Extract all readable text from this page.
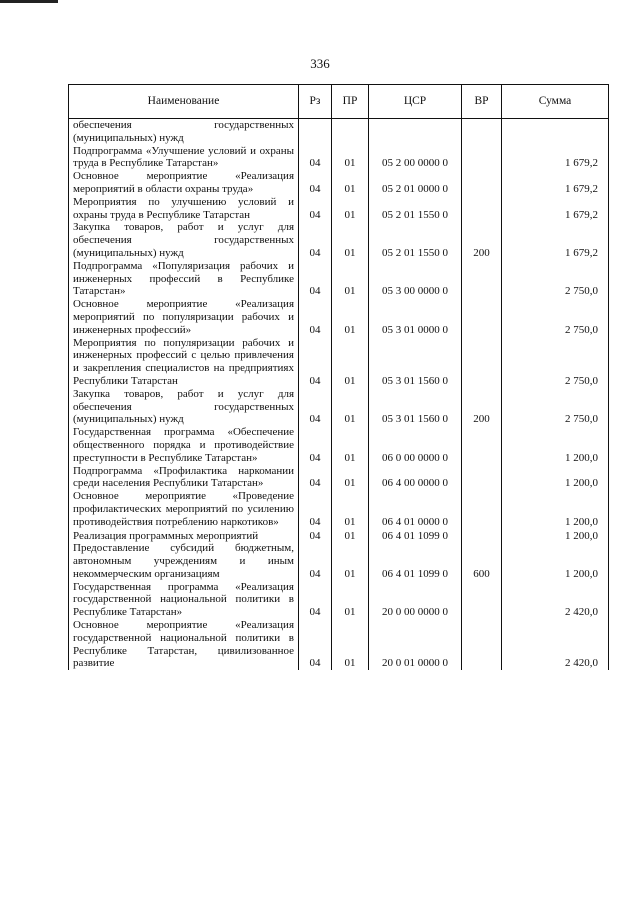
336
Наименование	Рз	ПР	ЦСР	ВР	Сумма
обеспечения государственных (муниципальных) нужд					
Подпрограмма «Улучшение условий и охраны труда в Республике Татарстан»	04	01	05 2 00 0000 0		1 679,2
Основное мероприятие «Реализация мероприятий в области охраны труда»	04	01	05 2 01 0000 0		1 679,2
Мероприятия по улучшению условий и охраны труда в Республике Татарстан	04	01	05 2 01 1550 0		1 679,2
Закупка товаров, работ и услуг для обеспечения государственных (муниципальных) нужд	04	01	05 2 01 1550 0	200	1 679,2
Подпрограмма «Популяризация рабочих и инженерных профессий в Республике Татарстан»	04	01	05 3 00 0000 0		2 750,0
Основное мероприятие «Реализация мероприятий по популяризации рабочих и инженерных профессий»	04	01	05 3 01 0000 0		2 750,0
Мероприятия по популяризации рабочих и инженерных профессий с целью привлечения и закрепления специалистов на предприятиях Республики Татарстан	04	01	05 3 01 1560 0		2 750,0
Закупка товаров, работ и услуг для обеспечения государственных (муниципальных) нужд	04	01	05 3 01 1560 0	200	2 750,0
Государственная программа «Обеспечение общественного порядка и противодействие преступности в Республике Татарстан»	04	01	06 0 00 0000 0		1 200,0
Подпрограмма «Профилактика наркомании среди населения Республики Татарстан»	04	01	06 4 00 0000 0		1 200,0
Основное мероприятие «Проведение профилактических мероприятий по усилению противодействия потреблению наркотиков»	04	01	06 4 01 0000 0		1 200,0
Реализация программных мероприятий	04	01	06 4 01 1099 0		1 200,0
Предоставление субсидий бюджетным, автономным учреждениям и иным некоммерческим организациям	04	01	06 4 01 1099 0	600	1 200,0
Государственная программа «Реализация государственной национальной политики в Республике Татарстан»	04	01	20 0 00 0000 0		2 420,0
Основное мероприятие «Реализация государственной национальной политики в Республике Татарстан, цивилизованное развитие	04	01	20 0 01 0000 0		2 420,0
